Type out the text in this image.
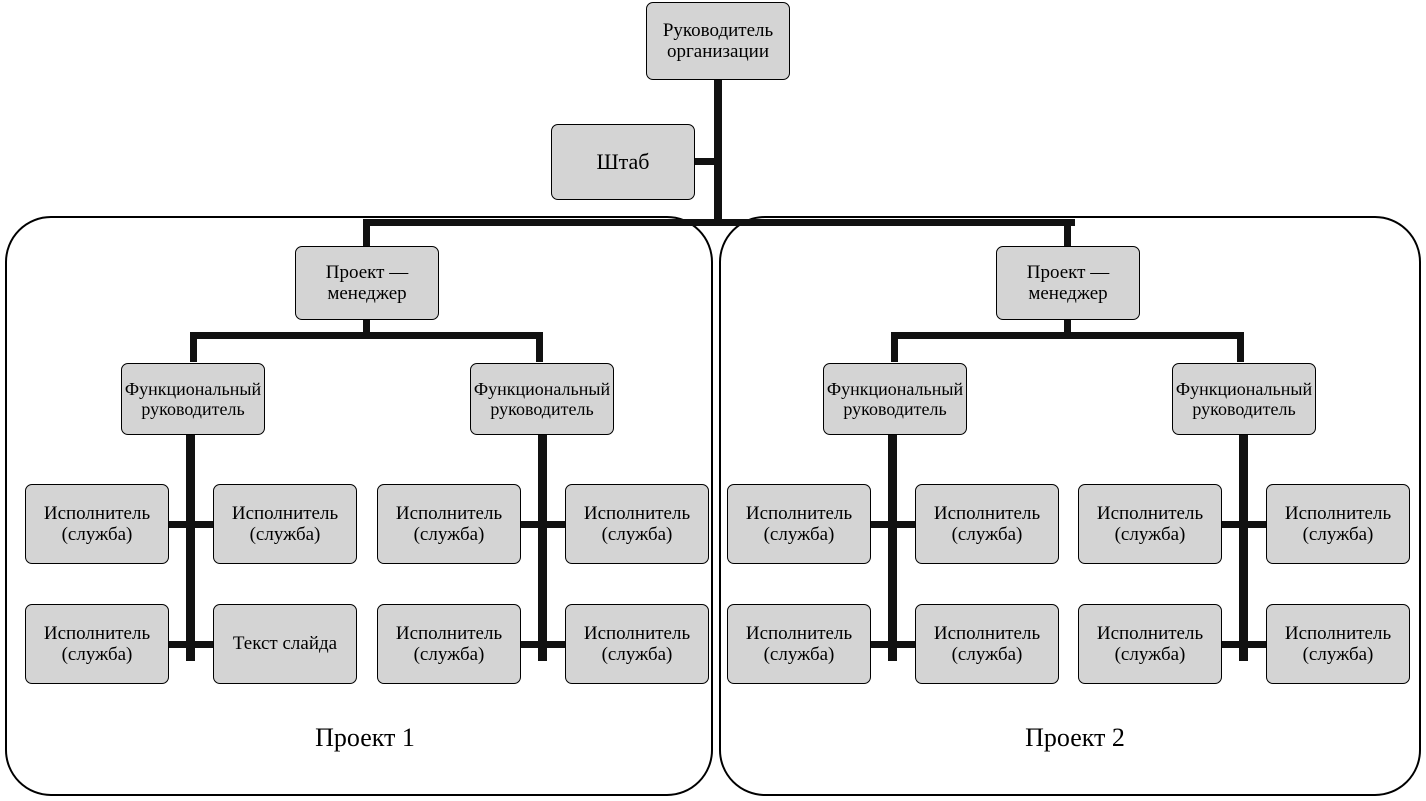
Проект 1	Проект 2
Руководитель организации
Штаб
Проект — менеджер
Проект — менеджер
Функциональный руководитель
Функциональный руководитель
Функциональный руководитель
Функциональный руководитель
Исполнитель (служба)
Исполнитель (служба)
Исполнитель (служба)
Исполнитель (служба)
Исполнитель (служба)
Текст слайда
Исполнитель (служба)
Исполнитель (служба)
Исполнитель (служба)
Исполнитель (служба)
Исполнитель (служба)
Исполнитель (служба)
Исполнитель (служба)
Исполнитель (служба)
Исполнитель (служба)
Исполнитель (служба)
